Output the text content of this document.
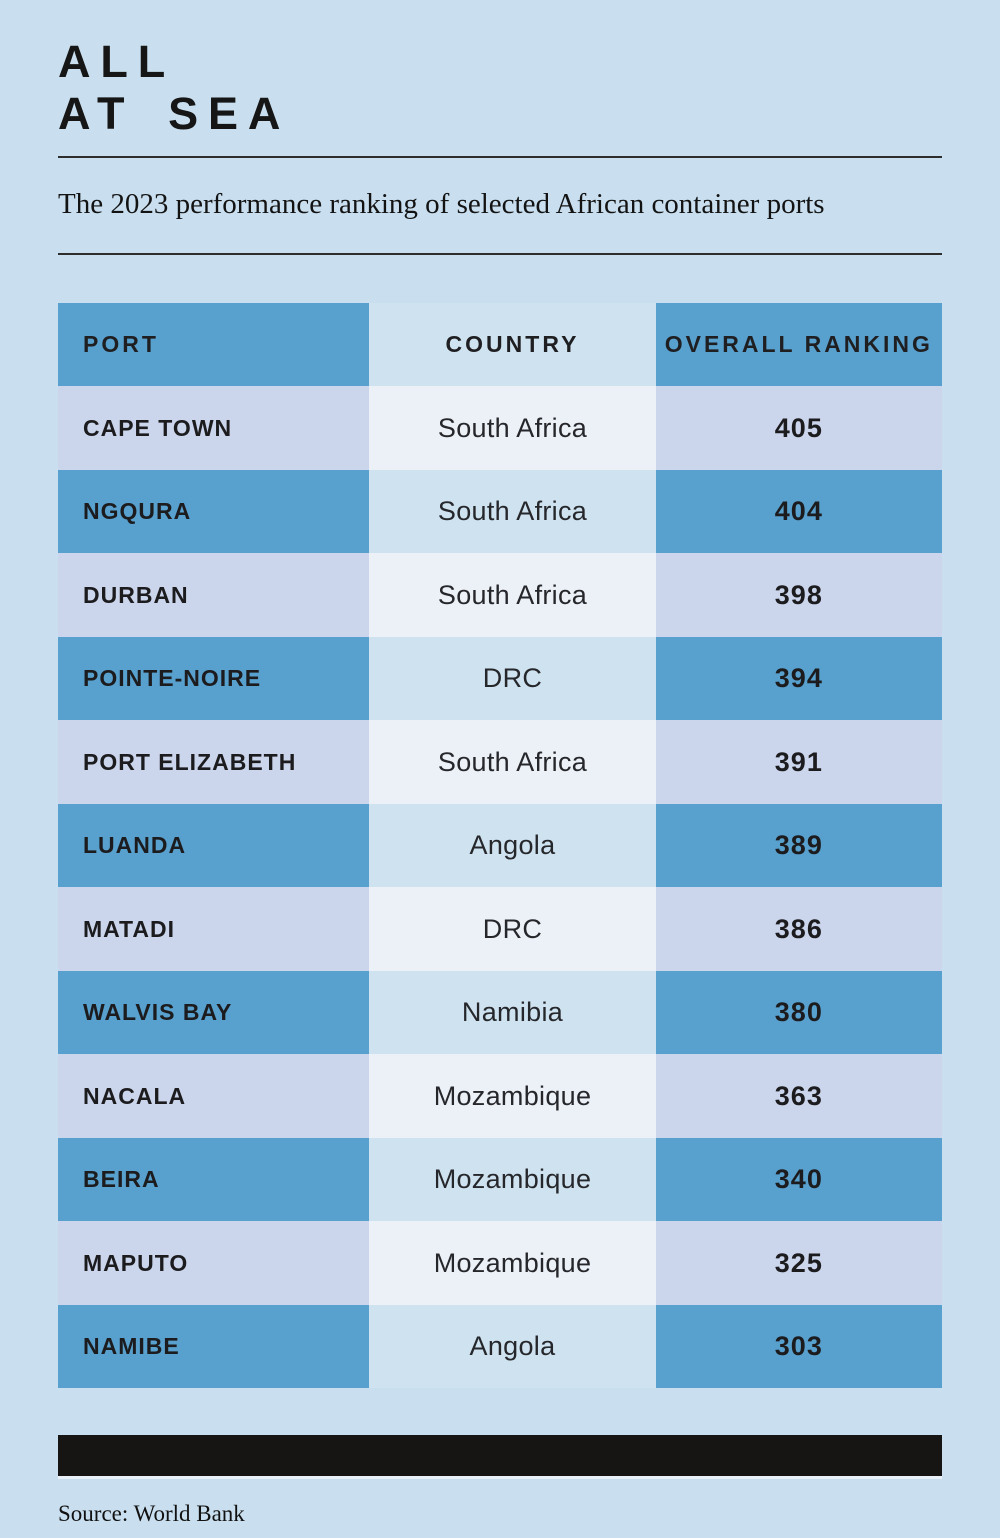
ALL
AT SEA
The 2023 performance ranking of selected African container ports
PORT	COUNTRY	OVERALL RANKING
CAPE TOWN	South Africa	405
NGQURA	South Africa	404
DURBAN	South Africa	398
POINTE-NOIRE	DRC	394
PORT ELIZABETH	South Africa	391
LUANDA	Angola	389
MATADI	DRC	386
WALVIS BAY	Namibia	380
NACALA	Mozambique	363
BEIRA	Mozambique	340
MAPUTO	Mozambique	325
NAMIBE	Angola	303
Source: World Bank
